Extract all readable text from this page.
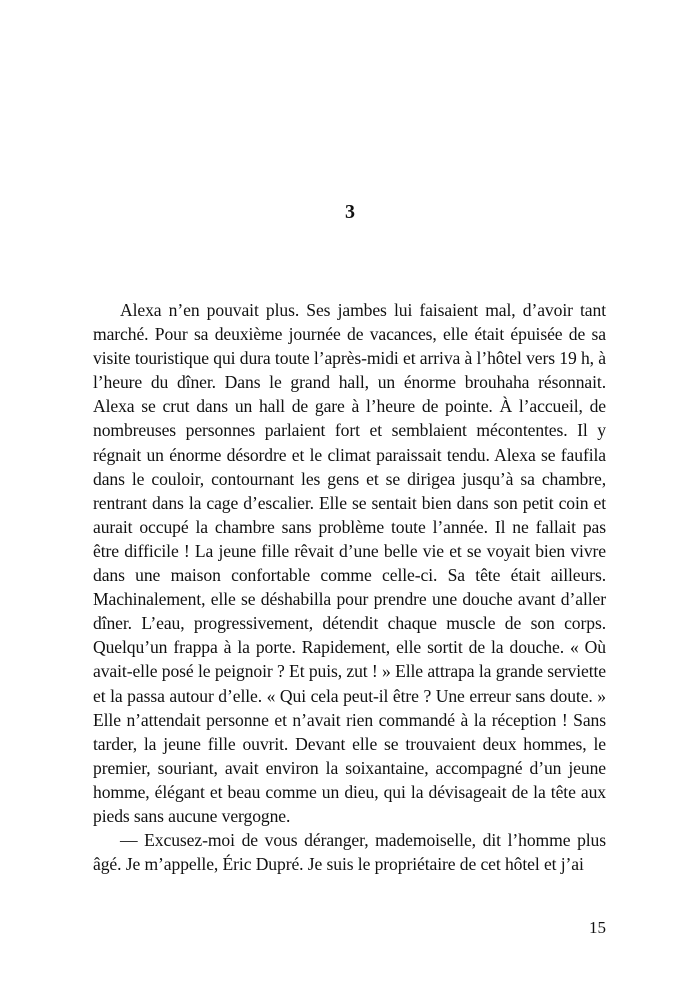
3

Alexa n’en pouvait plus. Ses jambes lui faisaient mal, d’avoir tant marché. Pour sa deuxième journée de vacances, elle était épuisée de sa visite touristique qui dura toute l’après-midi et arriva à l’hôtel vers 19 h, à l’heure du dîner. Dans le grand hall, un énorme brouhaha résonnait. Alexa se crut dans un hall de gare à l’heure de pointe. À l’accueil, de nombreuses personnes parlaient fort et semblaient mécontentes. Il y régnait un énorme désordre et le climat paraissait tendu. Alexa se faufila dans le couloir, contournant les gens et se dirigea jusqu’à sa chambre, rentrant dans la cage d’escalier. Elle se sentait bien dans son petit coin et aurait occupé la chambre sans problème toute l’année. Il ne fallait pas être difficile ! La jeune fille rêvait d’une belle vie et se voyait bien vivre dans une maison confortable comme celle-ci. Sa tête était ailleurs. Machinalement, elle se déshabilla pour prendre une douche avant d’aller dîner. L’eau, progressivement, détendit chaque muscle de son corps. Quelqu’un frappa à la porte. Rapidement, elle sortit de la douche. « Où avait-elle posé le peignoir ? Et puis, zut ! » Elle attrapa la grande serviette et la passa autour d’elle. « Qui cela peut-il être ? Une erreur sans doute. » Elle n’attendait personne et n’avait rien commandé à la réception ! Sans tarder, la jeune fille ouvrit. Devant elle se trouvaient deux hommes, le premier, souriant, avait environ la soixantaine, accompagné d’un jeune homme, élégant et beau comme un dieu, qui la dévisageait de la tête aux pieds sans aucune vergogne.

— Excusez-moi de vous déranger, mademoiselle, dit l’homme plus âgé. Je m’appelle, Éric Dupré. Je suis le propriétaire de cet hôtel et j’ai

15
